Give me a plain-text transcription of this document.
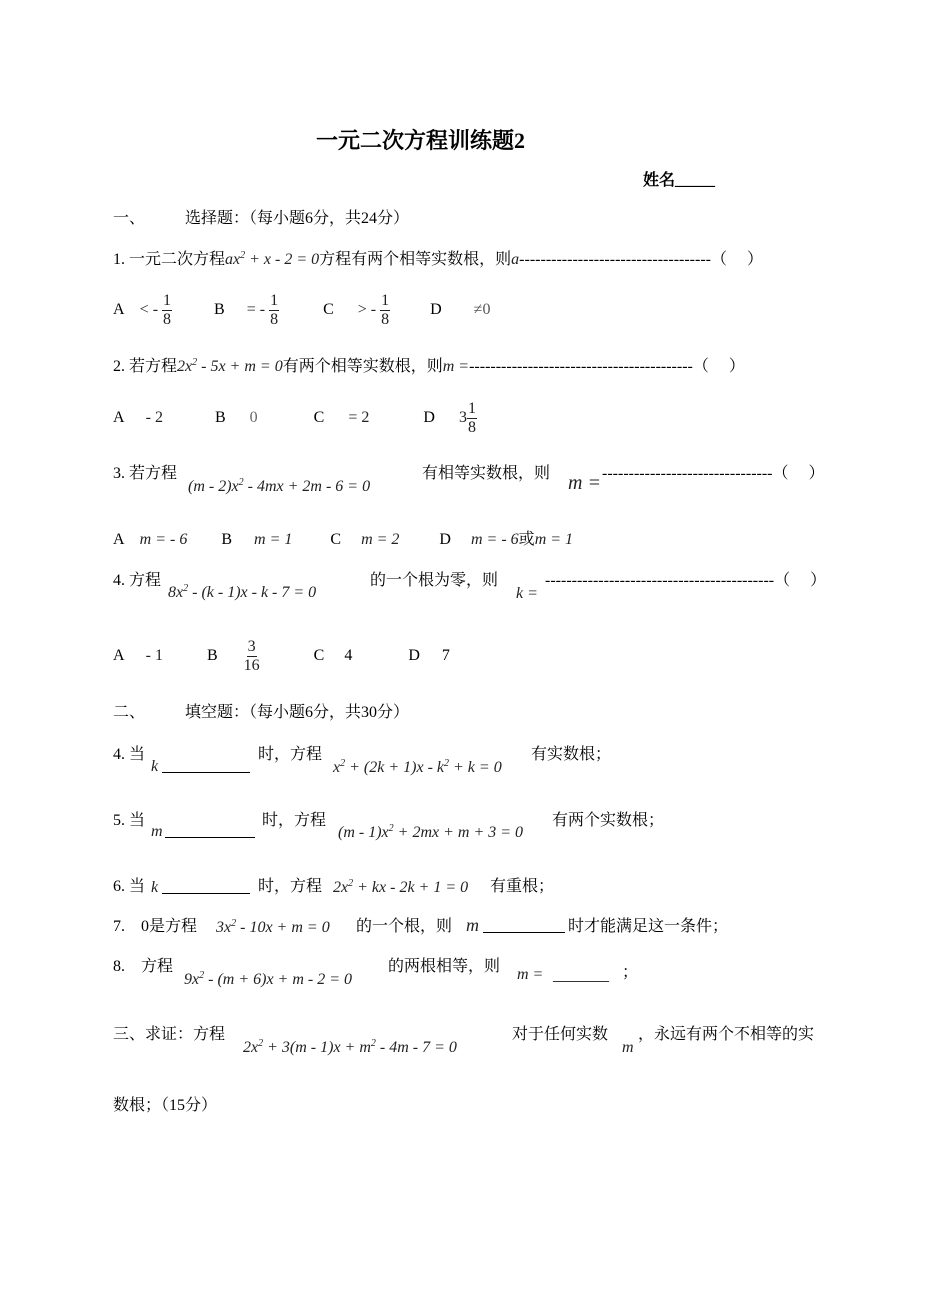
一元二次方程训练题2
姓名_____
一、 选择题：（每小题6分，共24分）
1. 一元二次方程$ax^2 + x - 2 = 0$方程有两个相等实数根，则a------------------------------------（　 ）
A < - $\frac{1}{8}$	B = - $\frac{1}{8}$	C > - $\frac{1}{8}$	D ≠0
2. 若方程$2x^2 - 5x + m = 0$有两个相等实数根，则m =------------------------------------------（　 ）
A - 2	B 0	C = 2	D $3 \frac{1}{8}$
3. 若方程
$(m - 2)x^2 - 4mx + 2m - 6 = 0$
有相等实数根，则 m = --------------------------------（　 ）
A m = - 6 B m = 1 C m = 2	D m = - 6或m = 1
4. 方程
$8x^2 - (k - 1)x - k - 7 = 0$
的一个根为零，则
k =
-------------------------------------------（　 ）
A - 1	B $\frac{3}{16}$	C 4	D 7
二、 填空题：（每小题6分，共30分）
4. 当
k
时，方程
$x^2 + (2k + 1)x - k^2 + k = 0$
有实数根；
5. 当
m
时，方程
$(m - 1)x^2 + 2mx + m + 3 = 0$
有两个实数根；
6. 当 k	时，方程 $2x^2$ + kx - 2k + 1 = 0 有重根；
7.　0是方程 $3x^2 - 10x + m = 0$ 的一个根，则 m	时才能满足这一条件；
8.　方程
$9x^2 - (m + 6)x + m - 2 = 0$
的两根相等，则 m = _______ ；
三、求证：方程
$2x^2 + 3(m - 1)x + m^2 - 4m - 7 = 0$
对于任何实数
m
，永远有两个不相等的实
数根；（15分）
